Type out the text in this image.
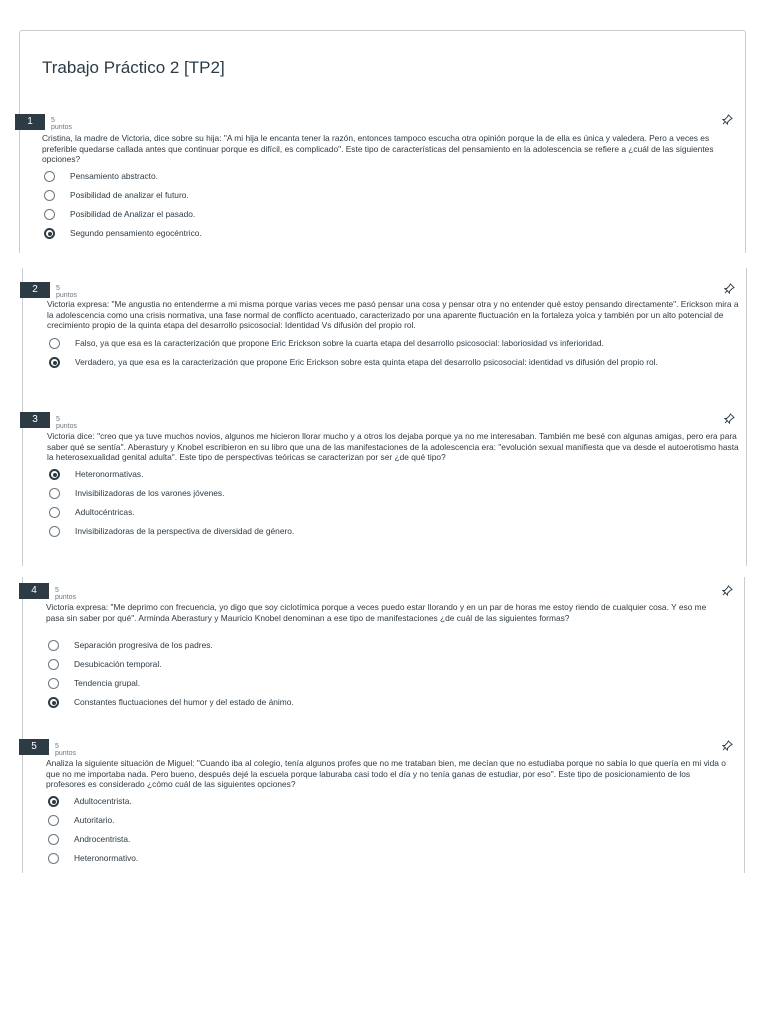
Trabajo Práctico 2 [TP2]
1	5 puntos
Cristina, la madre de Victoria, dice sobre su hija: "A mi hija le encanta tener la razón, entonces tampoco escucha otra opinión porque la de ella es única y valedera. Pero a veces es preferible quedarse callada antes que continuar porque es difícil, es complicado". Este tipo de características del pensamiento en la adolescencia se refiere a ¿cuál de las siguientes opciones?
Pensamiento abstracto.
Posibilidad de analizar el futuro.
Posibilidad de Analizar el pasado.
Segundo pensamiento egocéntrico.
2	5 puntos
Victoria expresa: "Me angustia no entenderme a mi misma porque varias veces me pasó pensar una cosa y pensar otra y no entender qué estoy pensando directamente". Erickson mira a la adolescencia como una crisis normativa, una fase normal de conflicto acentuado, caracterizado por una aparente fluctuación en la fortaleza yoica y también por un alto potencial de crecimiento propio de la quinta etapa del desarrollo psicosocial: Identidad Vs difusión del propio rol.
Falso, ya que esa es la caracterización que propone Eric Erickson sobre la cuarta etapa del desarrollo psicosocial: laboriosidad vs inferioridad.
Verdadero, ya que esa es la caracterización que propone Eric Erickson sobre esta quinta etapa del desarrollo psicosocial: identidad vs difusión del propio rol.
3	5 puntos
Victoria dice: "creo que ya tuve muchos novios, algunos me hicieron llorar mucho y a otros los dejaba porque ya no me interesaban. También me besé con algunas amigas, pero era para saber qué se sentía". Aberastury y Knobel escribieron en su libro que una de las manifestaciones de la adolescencia era: "evolución sexual manifiesta que va desde el autoerotismo hasta la heterosexualidad genital adulta". Este tipo de perspectivas teóricas se caracterizan por ser ¿de qué tipo?
Heteronormativas.
Invisibilizadoras de los varones jóvenes.
Adultocéntricas.
Invisibilizadoras de la perspectiva de diversidad de género.
4	5 puntos
Victoria expresa: "Me deprimo con frecuencia, yo digo que soy ciclotímica porque a veces puedo estar llorando y en un par de horas me estoy riendo de cualquier cosa. Y eso me pasa sin saber por qué". Arminda Aberastury y Mauricio Knobel denominan a ese tipo de manifestaciones ¿de cuál de las siguientes formas?
Separación progresiva de los padres.
Desubicación temporal.
Tendencia grupal.
Constantes fluctuaciones del humor y del estado de ánimo.
5	5 puntos
Analiza la siguiente situación de Miguel: "Cuando iba al colegio, tenía algunos profes que no me trataban bien, me decían que no estudiaba porque no sabía lo que quería en mi vida o que no me importaba nada. Pero bueno, después dejé la escuela porque laburaba casi todo el día y no tenía ganas de estudiar, por eso". Este tipo de posicionamiento de los profesores es considerado ¿cómo cuál de las siguientes opciones?
Adultocentrista.
Autoritario.
Androcentrista.
Heteronormativo.
